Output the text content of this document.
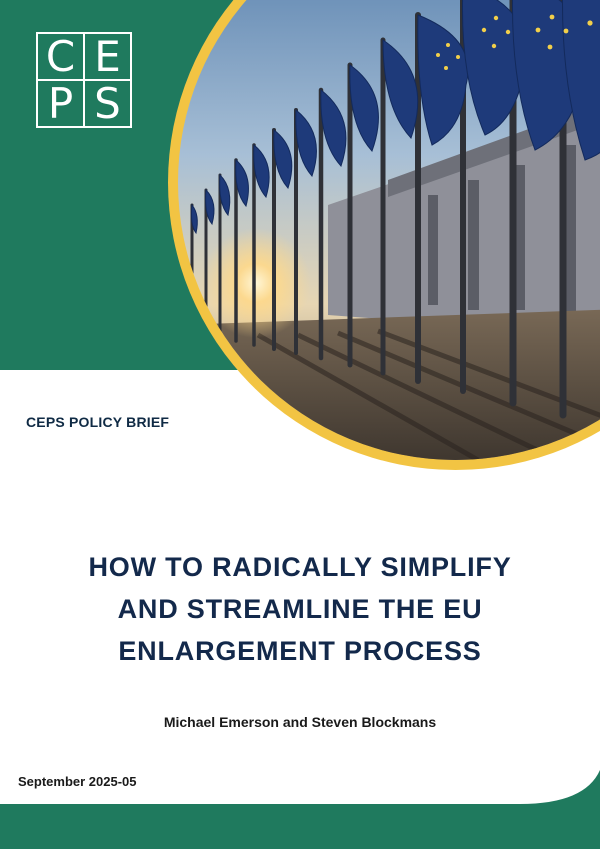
C E
P S
CEPS POLICY BRIEF
HOW TO RADICALLY SIMPLIFY
AND STREAMLINE THE EU
ENLARGEMENT PROCESS
Michael Emerson and Steven Blockmans
September 2025-05
